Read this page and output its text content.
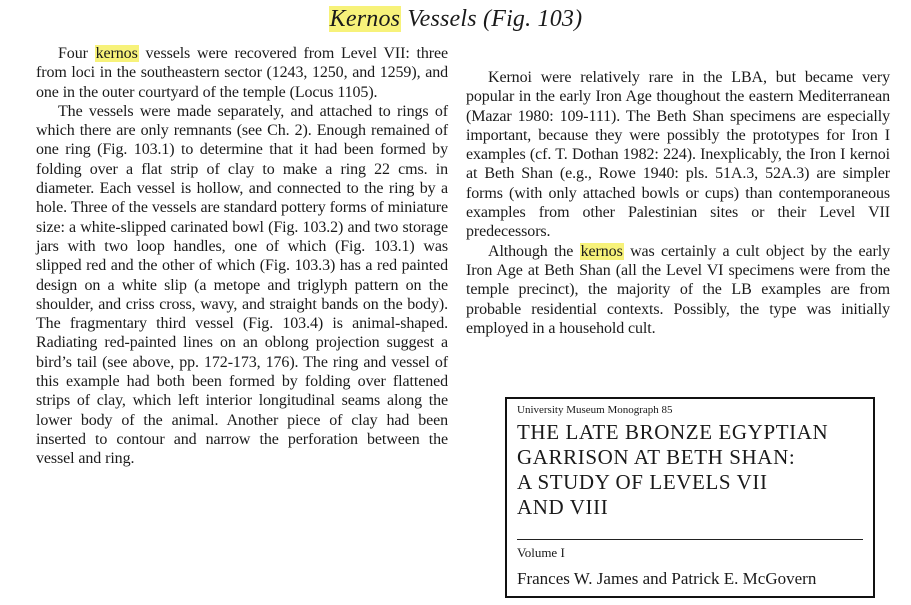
Kernos Vessels (Fig. 103)

Four kernos vessels were recovered from Level VII: three from loci in the southeastern sector (1243, 1250, and 1259), and one in the outer courtyard of the temple (Locus 1105).

The vessels were made separately, and attached to rings of which there are only remnants (see Ch. 2). Enough remained of one ring (Fig. 103.1) to determine that it had been formed by folding over a flat strip of clay to make a ring 22 cms. in diameter. Each vessel is hollow, and connected to the ring by a hole. Three of the vessels are standard pottery forms of miniature size: a white-slipped carinated bowl (Fig. 103.2) and two storage jars with two loop handles, one of which (Fig. 103.1) was slipped red and the other of which (Fig. 103.3) has a red painted design on a white slip (a metope and triglyph pattern on the shoulder, and criss cross, wavy, and straight bands on the body). The fragmentary third vessel (Fig. 103.4) is animal-shaped. Radiating red-painted lines on an oblong projection suggest a bird’s tail (see above, pp. 172-173, 176). The ring and vessel of this example had both been formed by folding over flattened strips of clay, which left interior longitudinal seams along the lower body of the animal. Another piece of clay had been inserted to contour and narrow the perforation between the vessel and ring.

Kernoi were relatively rare in the LBA, but became very popular in the early Iron Age thoughout the eastern Mediterranean (Mazar 1980: 109-111). The Beth Shan specimens are especially important, because they were possibly the prototypes for Iron I examples (cf. T. Dothan 1982: 224). Inexplicably, the Iron I kernoi at Beth Shan (e.g., Rowe 1940: pls. 51A.3, 52A.3) are simpler forms (with only attached bowls or cups) than contemporaneous examples from other Palestinian sites or their Level VII predecessors.

Although the kernos was certainly a cult object by the early Iron Age at Beth Shan (all the Level VI specimens were from the temple precinct), the majority of the LB examples are from probable residential contexts. Possibly, the type was initially employed in a household cult.

University Museum Monograph 85
THE LATE BRONZE EGYPTIAN
GARRISON AT BETH SHAN:
A STUDY OF LEVELS VII
AND VIII
Volume I
Frances W. James and Patrick E. McGovern
